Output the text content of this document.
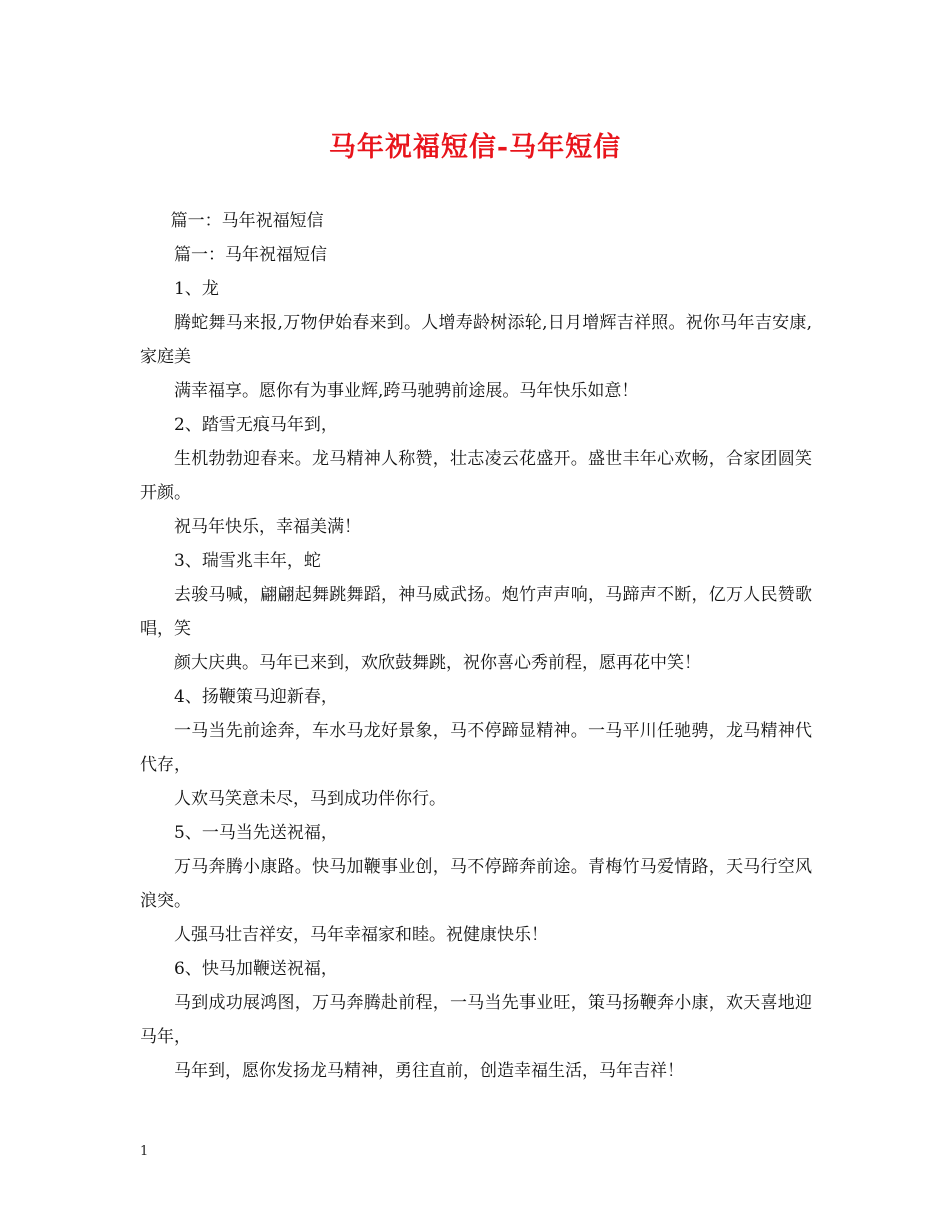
马年祝福短信-马年短信

篇一：马年祝福短信

篇一：马年祝福短信

1、龙

腾蛇舞马来报,万物伊始春来到。人增寿龄树添轮,日月增辉吉祥照。祝你马年吉安康,家庭美

满幸福享。愿你有为事业辉,跨马驰骋前途展。马年快乐如意！

2、踏雪无痕马年到，

生机勃勃迎春来。龙马精神人称赞，壮志凌云花盛开。盛世丰年心欢畅，合家团圆笑开颜。

祝马年快乐，幸福美满！

3、瑞雪兆丰年，蛇

去骏马喊，翩翩起舞跳舞蹈，神马威武扬。炮竹声声响，马蹄声不断，亿万人民赞歌唱，笑

颜大庆典。马年已来到，欢欣鼓舞跳，祝你喜心秀前程，愿再花中笑！

4、扬鞭策马迎新春，

一马当先前途奔，车水马龙好景象，马不停蹄显精神。一马平川任驰骋，龙马精神代代存，

人欢马笑意未尽，马到成功伴你行。

5、一马当先送祝福，

万马奔腾小康路。快马加鞭事业创，马不停蹄奔前途。青梅竹马爱情路，天马行空风浪突。

人强马壮吉祥安，马年幸福家和睦。祝健康快乐！

6、快马加鞭送祝福，

马到成功展鸿图，万马奔腾赴前程，一马当先事业旺，策马扬鞭奔小康，欢天喜地迎马年，

马年到，愿你发扬龙马精神，勇往直前，创造幸福生活，马年吉祥！

1
